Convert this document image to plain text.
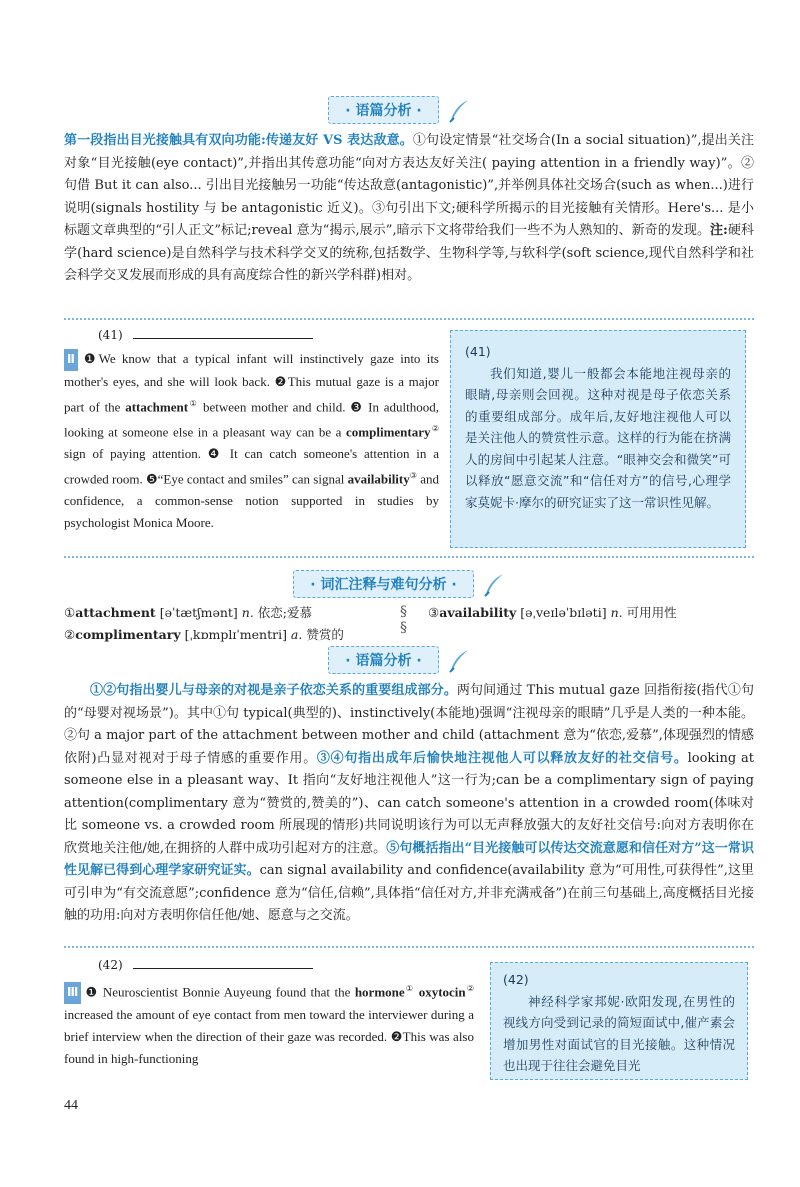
· 语篇分析 ·
第一段指出目光接触具有双向功能:传递友好 VS 表达敌意。①句设定情景“社交场合(In a social situation)”,提出关注对象“目光接触(eye contact)”,并指出其传意功能“向对方表达友好关注( paying attention in a friendly way)”。② 句借 But it can also... 引出目光接触另一功能“传达敌意(antagonistic)”,并举例具体社交场合(such as when...)进行说明(signals hostility 与 be antagonistic 近义)。③句引出下文;硬科学所揭示的目光接触有关情形。Here's... 是小标题文章典型的“引人正文”标记;reveal 意为“揭示,展示”,暗示下文将带给我们一些不为人熟知的、新奇的发现。注:硬科学(hard science)是自然科学与技术科学交叉的统称,包括数学、生物科学等,与软科学(soft science,现代自然科学和社会科学交叉发展而形成的具有高度综合性的新兴学科群)相对。
(41)
Ⅱ ❶We know that a typical infant will instinctively gaze into its mother's eyes, and she will look back. ❷This mutual gaze is a major part of the attachment① between mother and child. ❸ In adulthood, looking at someone else in a pleasant way can be a complimentary② sign of paying attention. ❹ It can catch someone's attention in a crowded room. ❺“Eye contact and smiles” can signal availability③ and confidence, a common-sense notion supported in studies by psychologist Monica Moore.
(41)
我们知道,婴儿一般都会本能地注视母亲的眼睛,母亲则会回视。这种对视是母子依恋关系的重要组成部分。成年后,友好地注视他人可以是关注他人的赞赏性示意。这样的行为能在挤满人的房间中引起某人注意。“眼神交会和微笑”可以释放“愿意交流”和“信任对方”的信号,心理学家莫妮卡·摩尔的研究证实了这一常识性见解。
· 词汇注释与难句分析 ·
①attachment [əˈtætʃmənt] n. 依恋;爱慕
②complimentary [ˌkɒmplɪˈmentri] a. 赞赏的
§
§
③availability [əˌveɪləˈbɪləti] n. 可用用性
· 语篇分析 ·
①②句指出婴儿与母亲的对视是亲子依恋关系的重要组成部分。两句间通过 This mutual gaze 回指衔接(指代①句的“母婴对视场景”)。其中①句 typical(典型的)、instinctively(本能地)强调“注视母亲的眼睛”几乎是人类的一种本能。②句 a major part of the attachment between mother and child (attachment 意为“依恋,爱慕”,体现强烈的情感依附)凸显对视对于母子情感的重要作用。③④句指出成年后愉快地注视他人可以释放友好的社交信号。looking at someone else in a pleasant way、It 指向“友好地注视他人”这一行为;can be a complimentary sign of paying attention(complimentary 意为“赞赏的,赞美的”)、can catch someone's attention in a crowded room(体味对比 someone vs. a crowded room 所展现的情形)共同说明该行为可以无声释放强大的友好社交信号:向对方表明你在欣赏地关注他/她,在拥挤的人群中成功引起对方的注意。⑤句概括指出“目光接触可以传达交流意愿和信任对方”这一常识性见解已得到心理学家研究证实。can signal availability and confidence(availability 意为“可用性,可获得性”,这里可引申为“有交流意愿”;confidence 意为“信任,信赖”,具体指“信任对方,并非充满戒备”)在前三句基础上,高度概括目光接触的功用:向对方表明你信任他/她、愿意与之交流。
(42)
Ⅲ ❶ Neuroscientist Bonnie Auyeung found that the hormone① oxytocin② increased the amount of eye contact from men toward the interviewer during a brief interview when the direction of their gaze was recorded. ❷This was also found in high-functioning
(42)
神经科学家邦妮·欧阳发现,在男性的视线方向受到记录的简短面试中,催产素会增加男性对面试官的目光接触。这种情况也出现于往往会避免目光
44
